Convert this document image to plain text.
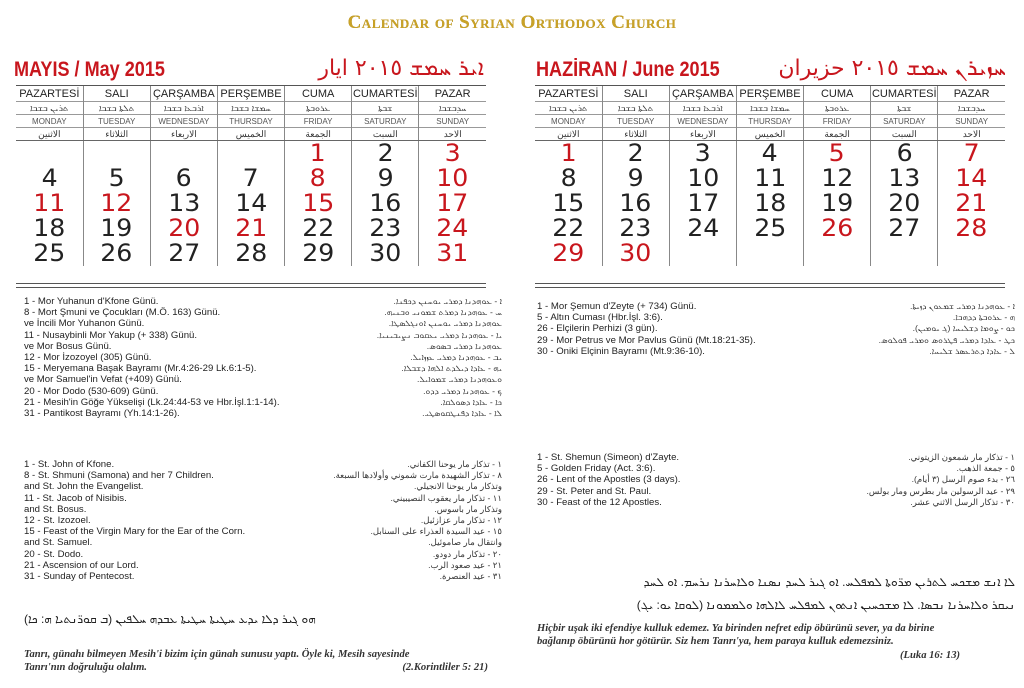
Calendar of Syrian Orthodox Church
MAYIS / May 2015	ܐܝܪ ܚܡܫ ٢٠١٥ ايار
PAZARTESİ	SALI	ÇARŞAMBA	PERŞEMBE	CUMA	CUMARTESİ	PAZAR
ܬܪܝܢ ܒܫܒܐ	ܬܠܬܐ ܒܫܒܐ	ܐܪܒܥܐ ܒܫܒܐ	ܚܡܫܐ ܒܫܒܐ	ܥܪܘܒܬܐ	ܫܒܬܐ	ܚܕܒܫܒܐ
MONDAY	TUESDAY	WEDNESDAY	THURSDAY	FRIDAY	SATURDAY	SUNDAY
الاثنين	الثلاثاء	الاربعاء	الخميس	الجمعة	السبت	الاحد
				1	2	3
4	5	6	7	8	9	10
11	12	13	14	15	16	17
18	19	20	21	22	23	24
25	26	27	28	29	30	31
HAZİRAN / June 2015	ܚܙܝܪܢ ܚܡܫ ٢٠١٥ حزيران
PAZARTESİ	SALI	ÇARŞAMBA	PERŞEMBE	CUMA	CUMARTESİ	PAZAR
ܬܪܝܢ ܒܫܒܐ	ܬܠܬܐ ܒܫܒܐ	ܐܪܒܥܐ ܒܫܒܐ	ܚܡܫܐ ܒܫܒܐ	ܥܪܘܒܬܐ	ܫܒܬܐ	ܚܕܒܫܒܐ
MONDAY	TUESDAY	WEDNESDAY	THURSDAY	FRIDAY	SATURDAY	SUNDAY
الاثنين	الثلاثاء	الاربعاء	الخميس	الجمعة	السبت	الاحد
1	2	3	4	5	6	7
8	9	10	11	12	13	14
15	16	17	18	19	20	21
22	23	24	25	26	27	28
29	30					
1 - Mor Yuhanun d'Kfone Günü.	ܐ - ܥܘܗܕܢܐ ܕܡܪܝ ܝܘܚܢܢ ܕܟܦܢܐ.
8 - Mort Şmuni ve Çocukları (M.Ö. 163) Günü.	ܚ - ܥܘܗܕܢܐ ܕܡܪܬ ܫܡܘܢܝ ܘܒܢܝܗ.
ve İncili Mor Yuhanon Günü.	ܥܘܗܕܢܐ ܕܡܪܝ ܝܘܚܢܢ ܐܘܢܓܠܣܛܐ.
11 - Nusaybinli Mor Yakup (+ 338) Günü.	ܝܐ - ܥܘܗܕܢܐ ܕܡܪܝ ܝܥܩܘܒ ܢܨܝܒܝܢܝܐ.
ve Mor Bosus Günü.	ܥܘܗܕܢܐ ܕܡܪܝ ܒܣܘܣ.
12 - Mor İzozoyel (305) Günü.	ܝܒ - ܥܘܗܕܢܐ ܕܡܪܝ ܥܙܙܐܝܠ.
15 - Meryemana Başak Bayramı (Mr.4:26-29 Lk.6:1-5).	ܝܗ - ܥܐܕܐ ܕܝܠܕܬ ܐܠܗܐ ܕܫܒܠܐ.
ve Mor Samuel'in Vefat (+409) Günü.	ܘܥܘܗܕܢܐ ܕܡܪܝ ܫܡܘܐܝܠ.
20 - Mor Dodo (530-609) Günü.	ܟ - ܥܘܗܕܢܐ ܕܡܪܝ ܕܕܘ.
21 - Mesih'in Göğe Yükselişi (Lk.24:44-53 ve Hbr.İşl.1:1-14).	ܟܐ - ܥܐܕܐ ܕܣܘܠܩܐ.
31 - Pantikost Bayramı (Yh.14:1-26).	ܠܐ - ܥܐܕܐ ܕܦܢܛܩܘܣܛܝ.
1 - St. John of Kfone.	١ - تذكار مار يوحنا الكفاني.
8 - St. Shmuni (Samona) and her 7 Children.	٨ - تذكار الشهيدة مارت شموني وأولادها السبعة.
and St. John the Evangelist.	وتذكار مار يوحنا الانجيلي.
11 - St. Jacob of Nisibis.	١١ - تذكار مار يعقوب النصيبيني.
and St. Bosus.	وتذكار مار باسوس.
12 - St. Izozoel.	١٢ - تذكار مار عزازئيل.
15 - Feast of the Virgin Mary for the Ear of the Corn.	١٥ - عيد السيدة العذراء على السنابل.
and St. Samuel.	وانتقال مار صاموئيل.
20 - St. Dodo.	٢٠ - تذكار مار دودو.
21 - Ascension of our Lord.	٢١ - عيد صعود الرب.
31 - Sunday of Pentecost.	٣١ - عيد العنصرة.
1 - Mor Şemun d'Zeyte (+ 734) Günü.	ܐ - ܥܘܗܕܢܐ ܕܡܪܝ ܫܡܥܘܢ ܕܙܝܬܐ.
5 - Altın Cuması (Hbr.İşl. 3:6).	ܗ - ܥܪܘܒܬܐ ܕܕܗܒܐ.
26 - Elçilerin Perhizi (3 gün).	ܟܘ - ܨܘܡܐ ܕܫܠܝܚܐ (ܓ ܝܘܡܝܢ).
29 - Mor Petrus ve Mor Pavlus Günü (Mt.18:21-35).	ܟܛ - ܥܐܕܐ ܕܡܪܝ ܦܛܪܘܣ ܘܡܪܝ ܦܘܠܘܣ.
30 - Oniki Elçinin Bayramı (Mt.9:36-10).	ܠ - ܥܐܕܐ ܕܬܪܥܣܪ ܫܠܝܚܐ.
1 - St. Shemun (Simeon) d'Zayte.	١ - تذكار مار شمعون الزيتوني.
5 - Golden Friday (Act. 3:6).	٥ - جمعة الذهب.
26 - Lent of the Apostles (3 days).	٢٦ - بدء صوم الرسل (٣ أيام).
29 - St. Peter and St. Paul.	٢٩ - عيد الرسولين مار بطرس ومار بولس.
30 - Feast of the 12 Apostles.	٣٠ - تذكار الرسل الاثني عشر.
ܗܘ ܓܝܪ ܕܠܐ ܝܕܥ ܚܛܝܬܐ ܚܛܝܬܐ ܥܒܕܗ ܚܠܦܝܢ (ܒ ܩܘܪ̈ܢܬܝܐ ܗ: ܟܐ)
Tanrı, günahı bilmeyen Mesih'i bizim için günah sunusu yaptı. Öyle ki, Mesih sayesinde
Tanrı'nın doğruluğu olalım.	(2.Korintliler 5: 21)
ܠܐ ܐܢܫ ܡܫܟܚ ܠܬܪܝܢ ܡܪ̈ܘܬܐ ܠܡܦܠܚ. ܐܘ ܓܝܪ ܠܚܕ ܢܣܢܐ ܘܠܐܚܪܢܐ ܢܪܚܡ. ܐܘ ܠܚܕ
ܢܝܩܪ ܘܠܐܚܪܢܐ ܢܒܣܐ. ܠܐ ܡܫܟܚܝܢ ܐܢܬܘܢ ܠܡܦܠܚ ܠܐܠܗܐ ܘܠܡܡܘܢܐ (ܠܘܩܐ ܝܘ: ܝܓ)
Hiçbir uşak iki efendiye kulluk edemez. Ya birinden nefret edip öbürünü sever, ya da birine
bağlanıp öbürünü hor götürür. Siz hem Tanrı'ya, hem paraya kulluk edemezsiniz.
(Luka 16: 13)
